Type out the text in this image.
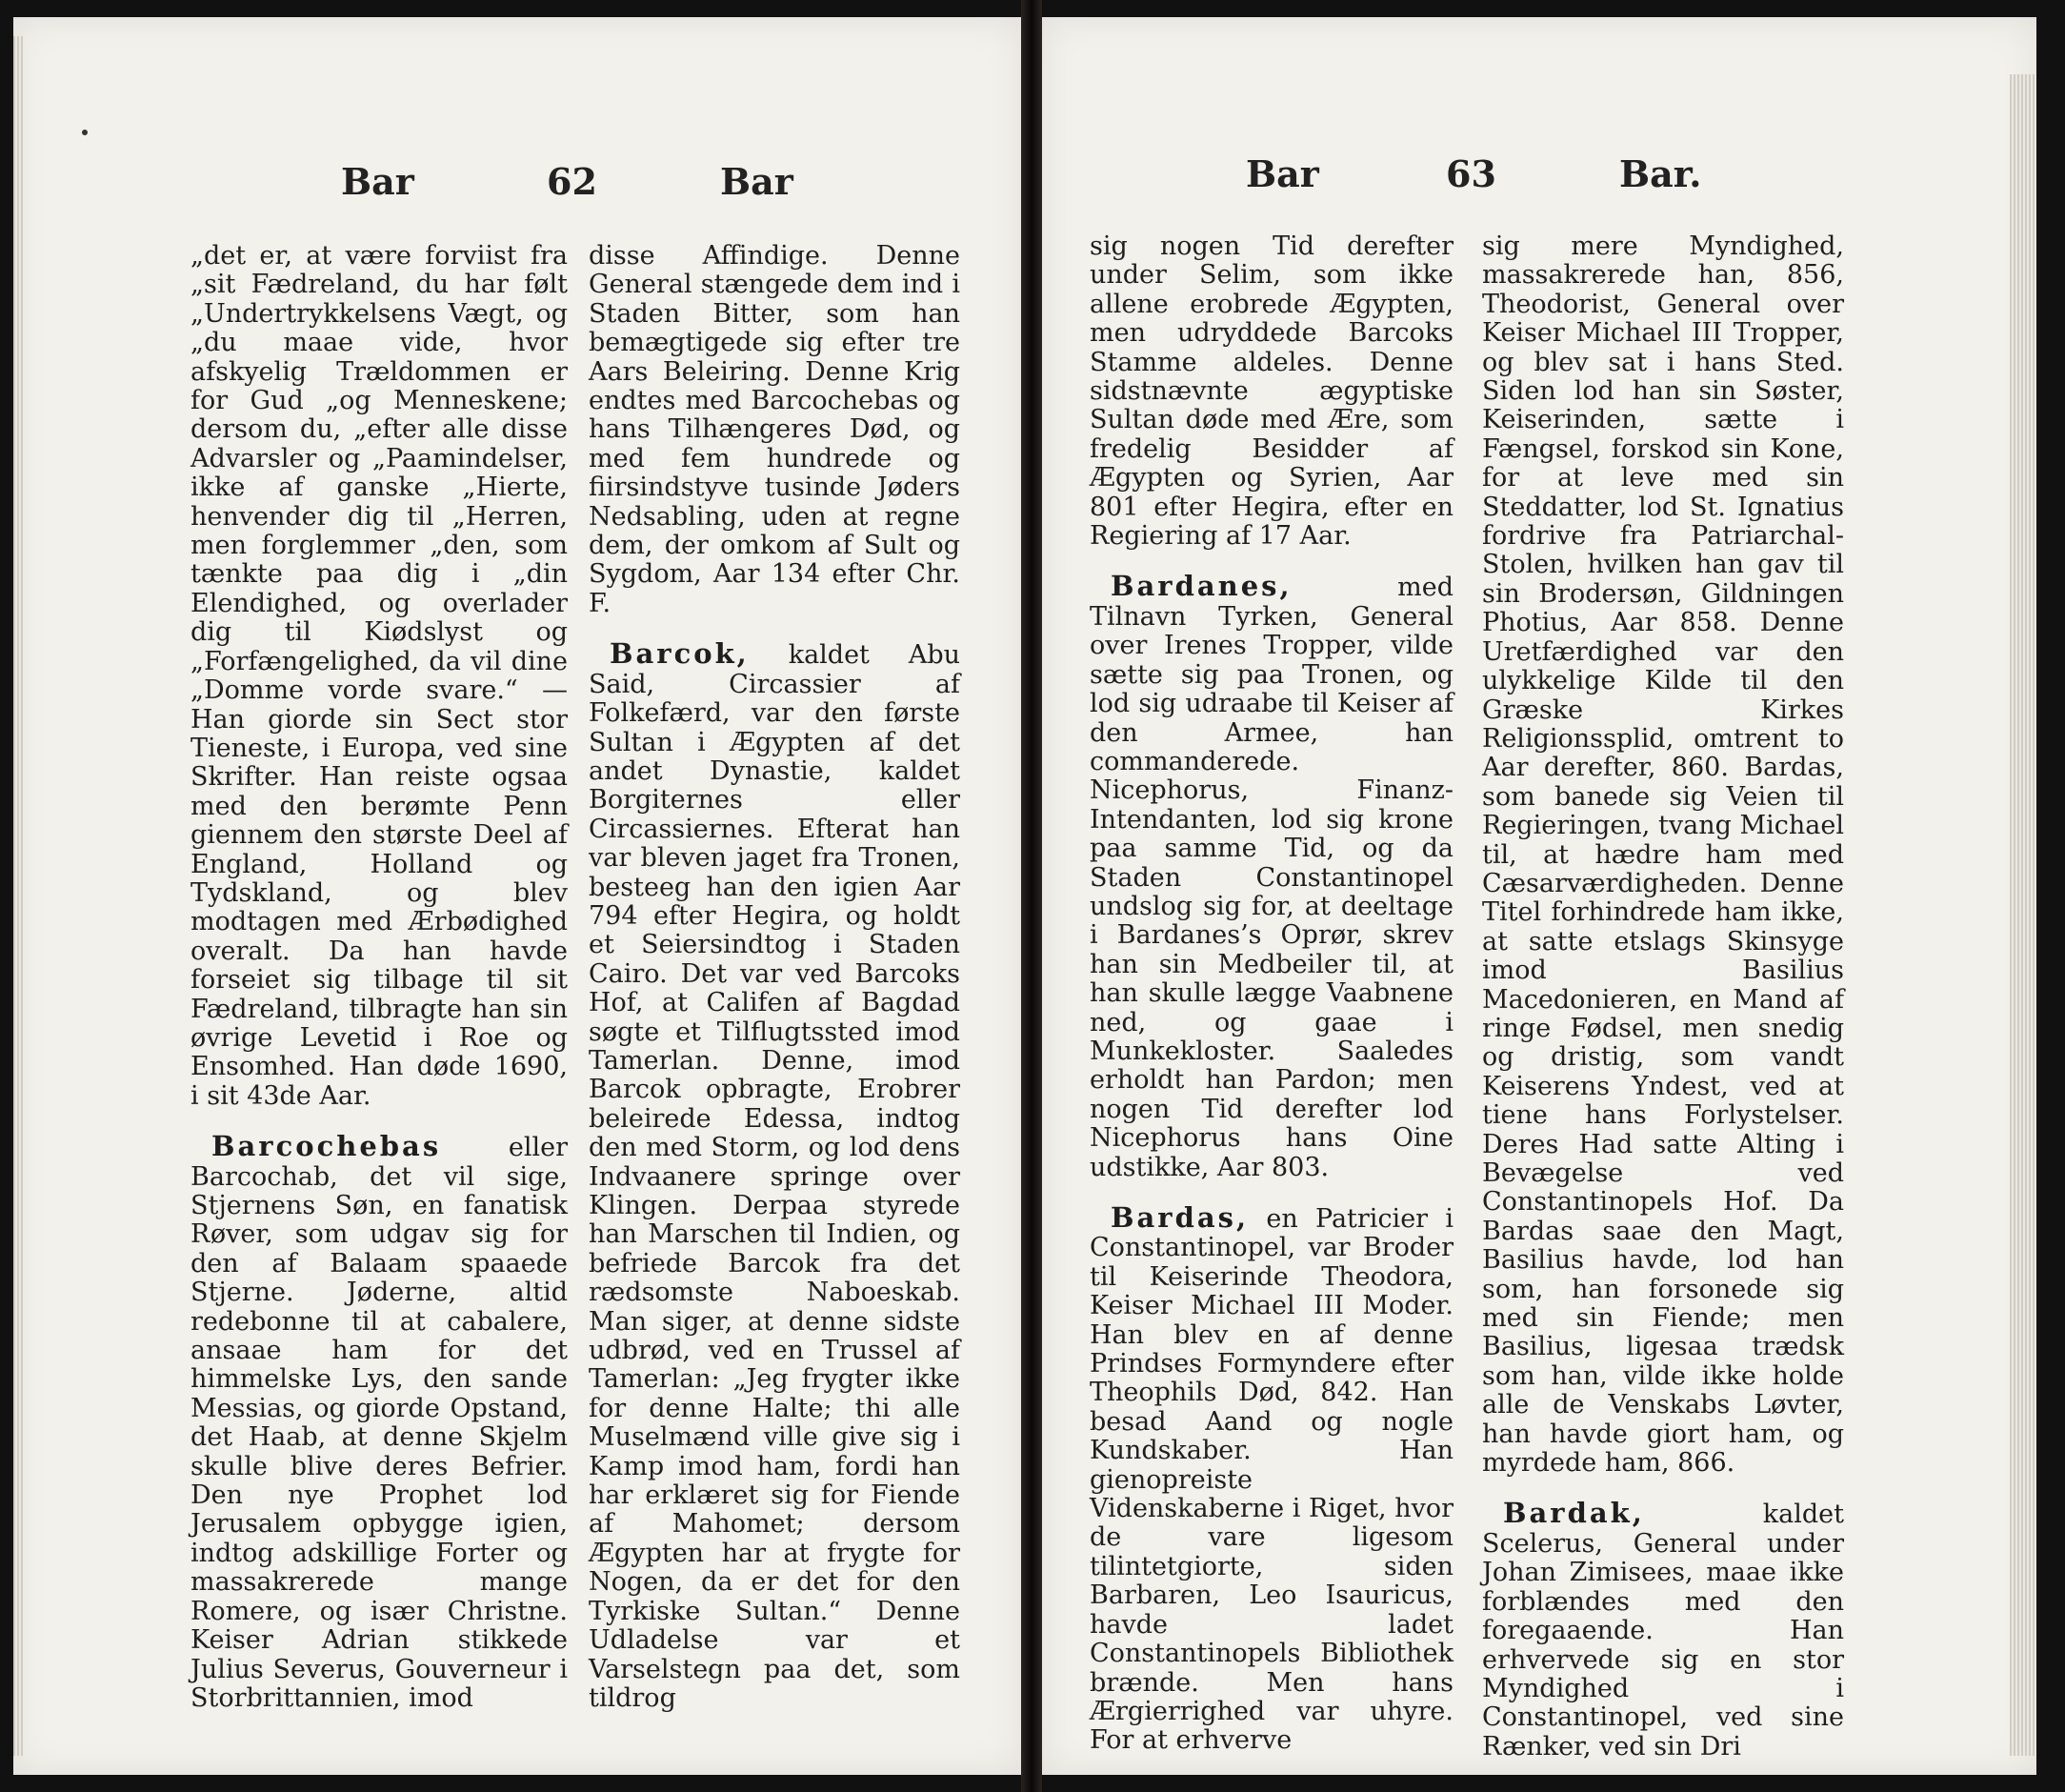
Bar	62	Bar

„det er, at være forviist fra „sit Fædreland, du har følt „Undertrykkelsens Vægt, og „du maae vide, hvor afskyelig Trældommen er for Gud „og Menneskene; dersom du, „efter alle disse Advarsler og „Paamindelser, ikke af ganske „Hierte, henvender dig til „Herren, men forglemmer „den, som tænkte paa dig i „din Elendighed, og overlader dig til Kiødslyst og „Forfængelighed, da vil dine „Domme vorde svare.“ — Han giorde sin Sect stor Tieneste, i Europa, ved sine Skrifter. Han reiste ogsaa med den berømte Penn giennem den største Deel af England, Holland og Tydskland, og blev modtagen med Ærbødighed overalt. Da han havde forseiet sig tilbage til sit Fædreland, tilbragte han sin øvrige Levetid i Roe og Ensomhed. Han døde 1690, i sit 43de Aar.

Barcochebas	eller Barcochab, det vil sige, Stjernens Søn, en fanatisk Røver, som udgav sig for den af Balaam spaaede Stjerne. Jøderne, altid redebonne til at cabalere, ansaae ham for det himmelske Lys, den sande Messias, og giorde Opstand, det Haab, at denne Skjelm skulle blive deres Befrier. Den nye Prophet lod Jerusalem opbygge igien, indtog adskillige Forter og massakrerede mange Romere, og især Christne. Keiser Adrian stikkede Julius Severus, Gouverneur i Storbrittannien, imod

disse Affindige. Denne General stængede dem ind i Staden Bitter, som han bemægtigede sig efter tre Aars Beleiring. Denne Krig endtes med Barcochebas og hans Tilhængeres Død, og med fem hundrede og fiirsindstyve tusinde Jøders Nedsabling, uden at regne dem, der omkom af Sult og Sygdom, Aar 134 efter Chr. F.

Barcok, kaldet Abu Said, Circassier af Folkefærd, var den første Sultan i Ægypten af det andet Dynastie, kaldet Borgiternes eller Circassiernes. Efterat han var bleven jaget fra Tronen, besteeg han den igien Aar 794 efter Hegira, og holdt et Seiersindtog i Staden Cairo. Det var ved Barcoks Hof, at Califen af Bagdad søgte et Tilflugtssted imod Tamerlan. Denne, imod Barcok opbragte, Erobrer beleirede Edessa, indtog den med Storm, og lod dens Indvaanere springe over Klingen. Derpaa styrede han Marschen til Indien, og befriede Barcok fra det rædsomste Naboeskab. Man siger, at denne sidste udbrød, ved en Trussel af Tamerlan: „Jeg frygter ikke for denne Halte; thi alle Muselmænd ville give sig i Kamp imod ham, fordi han har erklæret sig for Fiende af Mahomet; dersom Ægypten har at frygte for Nogen, da er det for den Tyrkiske Sultan.“ Denne Udladelse var et Varselstegn paa det, som tildrog

Bar	63	Bar.

sig nogen Tid derefter under Selim, som ikke allene erobrede Ægypten, men udryddede Barcoks Stamme aldeles. Denne sidstnævnte ægyptiske Sultan døde med Ære, som fredelig Besidder af Ægypten og Syrien, Aar 801 efter Hegira, efter en Regiering af 17 Aar.

Bardanes,	med Tilnavn Tyrken, General over Irenes Tropper, vilde sætte sig paa Tronen, og lod sig udraabe til Keiser af den Armee, han commanderede. Nicephorus, Finanz-Intendanten, lod sig krone paa samme Tid, og da Staden Constantinopel undslog sig for, at deeltage i Bardanes’s Oprør, skrev han sin Medbeiler til, at han skulle lægge Vaabnene ned, og gaae i Munkekloster. Saaledes erholdt han Pardon; men nogen Tid derefter lod Nicephorus hans Oine udstikke, Aar 803.

Bardas, en Patricier i Constantinopel, var Broder til Keiserinde Theodora, Keiser Michael III Moder. Han blev en af denne Prindses Formyndere efter Theophils Død, 842. Han besad Aand og nogle Kundskaber. Han gienopreiste Videnskaberne i Riget, hvor de vare ligesom tilintetgiorte, siden Barbaren, Leo Isauricus, havde ladet Constantinopels Bibliothek brænde. Men hans Ærgierrighed var uhyre. For at erhverve

sig mere Myndighed, massakrerede han, 856, Theodorist, General over Keiser Michael III Tropper, og blev sat i hans Sted. Siden lod han sin Søster, Keiserinden, sætte i Fængsel, forskod sin Kone, for at leve med sin Steddatter, lod St. Ignatius fordrive fra Patriarchal-Stolen, hvilken han gav til sin Brodersøn, Gildningen Photius, Aar 858. Denne Uretfærdighed var den ulykkelige Kilde til den Græske Kirkes Religionssplid, omtrent to Aar derefter, 860. Bardas, som banede sig Veien til Regieringen, tvang Michael til, at hædre ham med Cæsarværdigheden. Denne Titel forhindrede ham ikke, at satte etslags Skinsyge imod Basilius Macedonieren, en Mand af ringe Fødsel, men snedig og dristig, som vandt Keiserens Yndest, ved at tiene hans Forlystelser. Deres Had satte Alting i Bevægelse ved Constantinopels Hof. Da Bardas saae den Magt, Basilius havde, lod han som, han forsonede sig med sin Fiende; men Basilius, ligesaa trædsk som han, vilde ikke holde alle de Venskabs Løvter, han havde giort ham, og myrdede ham, 866.

Bardak,	kaldet Scelerus, General under Johan Zimisees, maae ikke forblændes med den foregaaende. Han erhvervede sig en stor Myndighed i Constantinopel, ved sine Rænker, ved sin Dri
